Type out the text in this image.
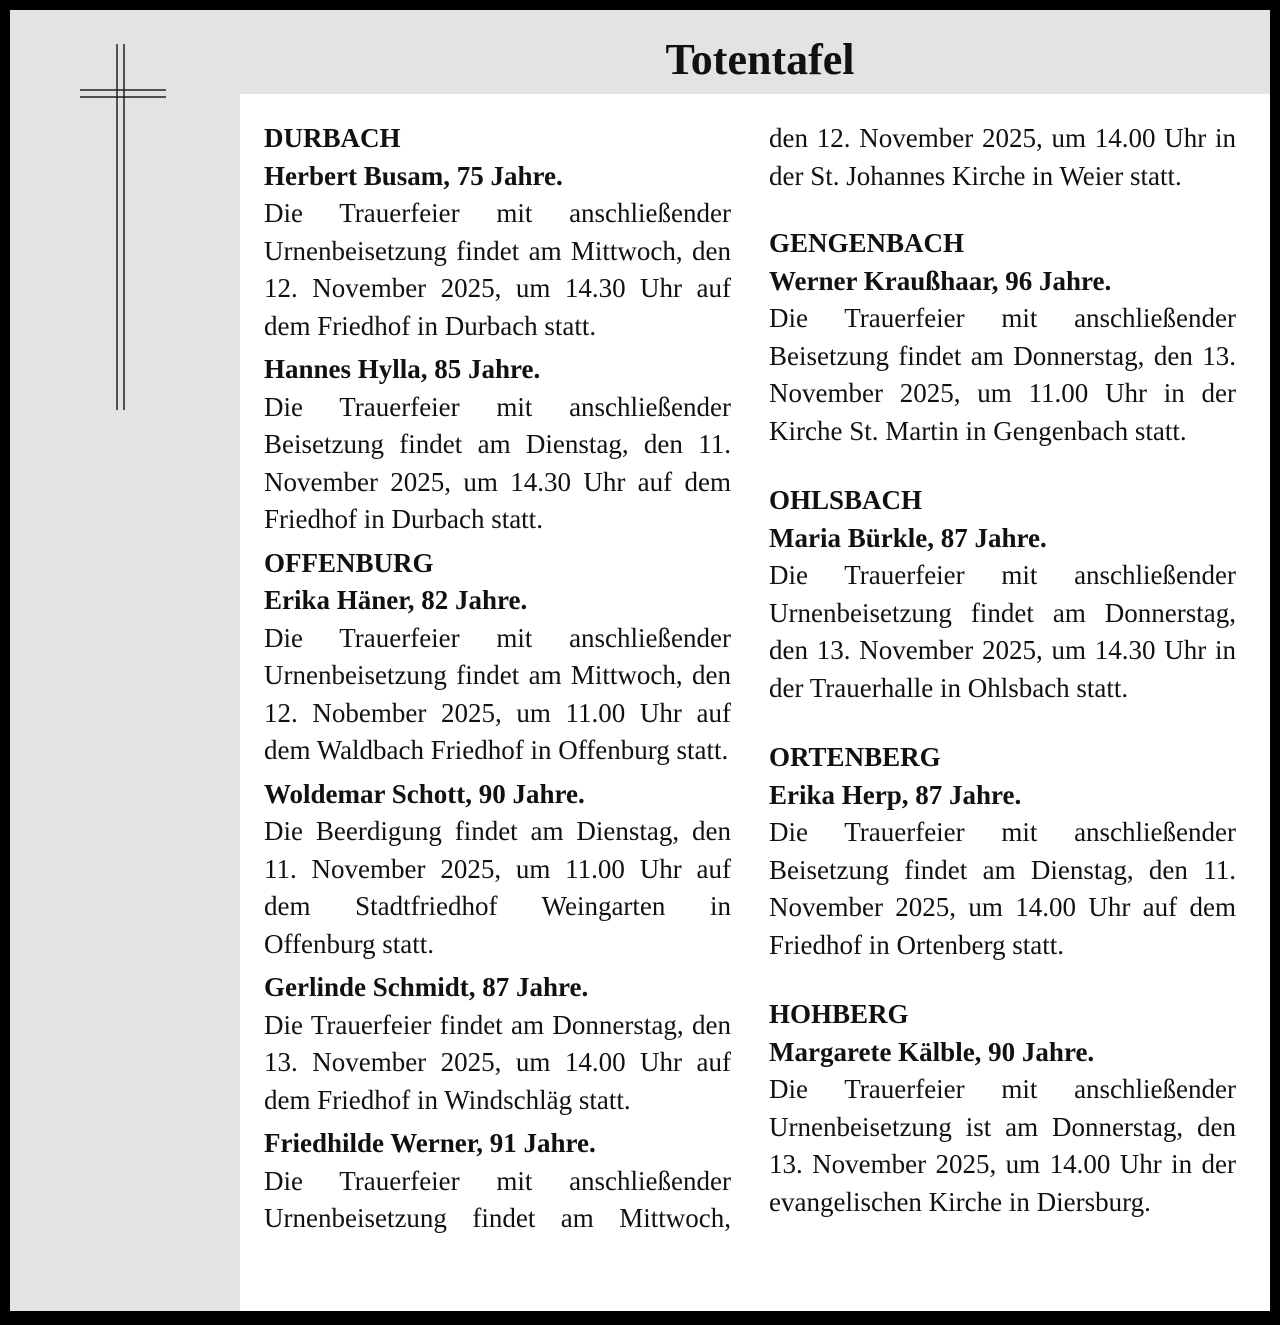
Totentafel

DURBACH

Herbert Busam, 75 Jahre.

Die Trauerfeier mit anschließender Urnenbeisetzung findet am Mittwoch, den 12. November 2025, um 14.30 Uhr auf dem Friedhof in Durbach statt.

Hannes Hylla, 85 Jahre.

Die Trauerfeier mit anschließender Beisetzung findet am Dienstag, den 11. November 2025, um 14.30 Uhr auf dem Friedhof in Durbach statt.

OFFENBURG

Erika Häner, 82 Jahre.

Die Trauerfeier mit anschließender Urnenbeisetzung findet am Mittwoch, den 12. Nobember 2025, um 11.00 Uhr auf dem Waldbach Friedhof in Offenburg statt.

Woldemar Schott, 90 Jahre.

Die Beerdigung findet am Dienstag, den 11. November 2025, um 11.00 Uhr auf dem Stadtfriedhof Weingarten in Offenburg statt.

Gerlinde Schmidt, 87 Jahre.

Die Trauerfeier findet am Donnerstag, den 13. November 2025, um 14.00 Uhr auf dem Friedhof in Windschläg statt.

Friedhilde Werner, 91 Jahre.

Die Trauerfeier mit anschließender Urnenbeisetzung findet am Mittwoch,

den 12. November 2025, um 14.00 Uhr in der St. Johannes Kirche in Weier statt.

GENGENBACH

Werner Kraußhaar, 96 Jahre.

Die Trauerfeier mit anschließender Beisetzung findet am Donnerstag, den 13. November 2025, um 11.00 Uhr in der Kirche St. Martin in Gengenbach statt.

OHLSBACH

Maria Bürkle, 87 Jahre.

Die Trauerfeier mit anschließender Urnenbeisetzung findet am Donnerstag, den 13. November 2025, um 14.30 Uhr in der Trauerhalle in Ohlsbach statt.

ORTENBERG

Erika Herp, 87 Jahre.

Die Trauerfeier mit anschließender Beisetzung findet am Dienstag, den 11. November 2025, um 14.00 Uhr auf dem Friedhof in Ortenberg statt.

HOHBERG

Margarete Kälble, 90 Jahre.

Die Trauerfeier mit anschließender Urnenbeisetzung ist am Donnerstag, den 13. November 2025, um 14.00 Uhr in der evangelischen Kirche in Diersburg.
